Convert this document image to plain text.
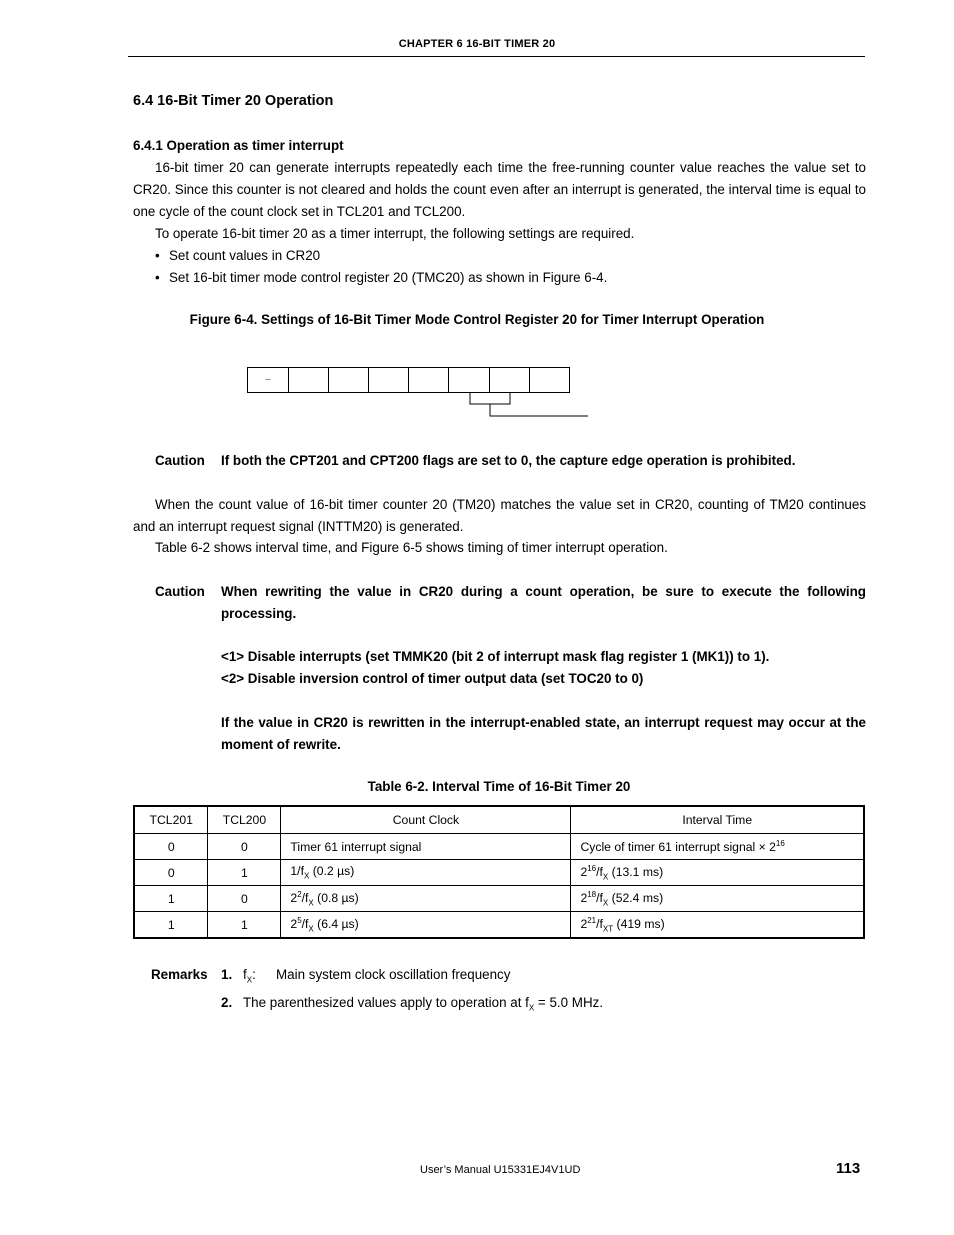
CHAPTER 6 16-BIT TIMER 20
6.4 16-Bit Timer 20 Operation
6.4.1 Operation as timer interrupt
16-bit timer 20 can generate interrupts repeatedly each time the free-running counter value reaches the value set to CR20. Since this counter is not cleared and holds the count even after an interrupt is generated, the interval time is equal to one cycle of the count clock set in TCL201 and TCL200.
To operate 16-bit timer 20 as a timer interrupt, the following settings are required.
• Set count values in CR20
• Set 16-bit timer mode control register 20 (TMC20) as shown in Figure 6-4.
Figure 6-4. Settings of 16-Bit Timer Mode Control Register 20 for Timer Interrupt Operation
–
Caution If both the CPT201 and CPT200 flags are set to 0, the capture edge operation is prohibited.
When the count value of 16-bit timer counter 20 (TM20) matches the value set in CR20, counting of TM20 continues and an interrupt request signal (INTTM20) is generated.
Table 6-2 shows interval time, and Figure 6-5 shows timing of timer interrupt operation.
Caution When rewriting the value in CR20 during a count operation, be sure to execute the following processing.
<1> Disable interrupts (set TMMK20 (bit 2 of interrupt mask flag register 1 (MK1)) to 1).
<2> Disable inversion control of timer output data (set TOC20 to 0)
If the value in CR20 is rewritten in the interrupt-enabled state, an interrupt request may occur at the moment of rewrite.
Table 6-2. Interval Time of 16-Bit Timer 20
TCL201	TCL200	Count Clock	Interval Time
0	0	Timer 61 interrupt signal	Cycle of timer 61 interrupt signal × $2^{16}$
0	1	$1/f_X$ (0.2 µs)	$2^{16}/f_X$ (13.1 ms)
1	0	$2^2/f_X$ (0.8 µs)	$2^{18}/f_X$ (52.4 ms)
1	1	$2^5/f_X$ (6.4 µs)	$2^{21}/f_{XT}$ (419 ms)
Remarks 1. $f_X$: Main system clock oscillation frequency
2. The parenthesized values apply to operation at $f_X = 5.0$ MHz.
User’s Manual U15331EJ4V1UD	113
